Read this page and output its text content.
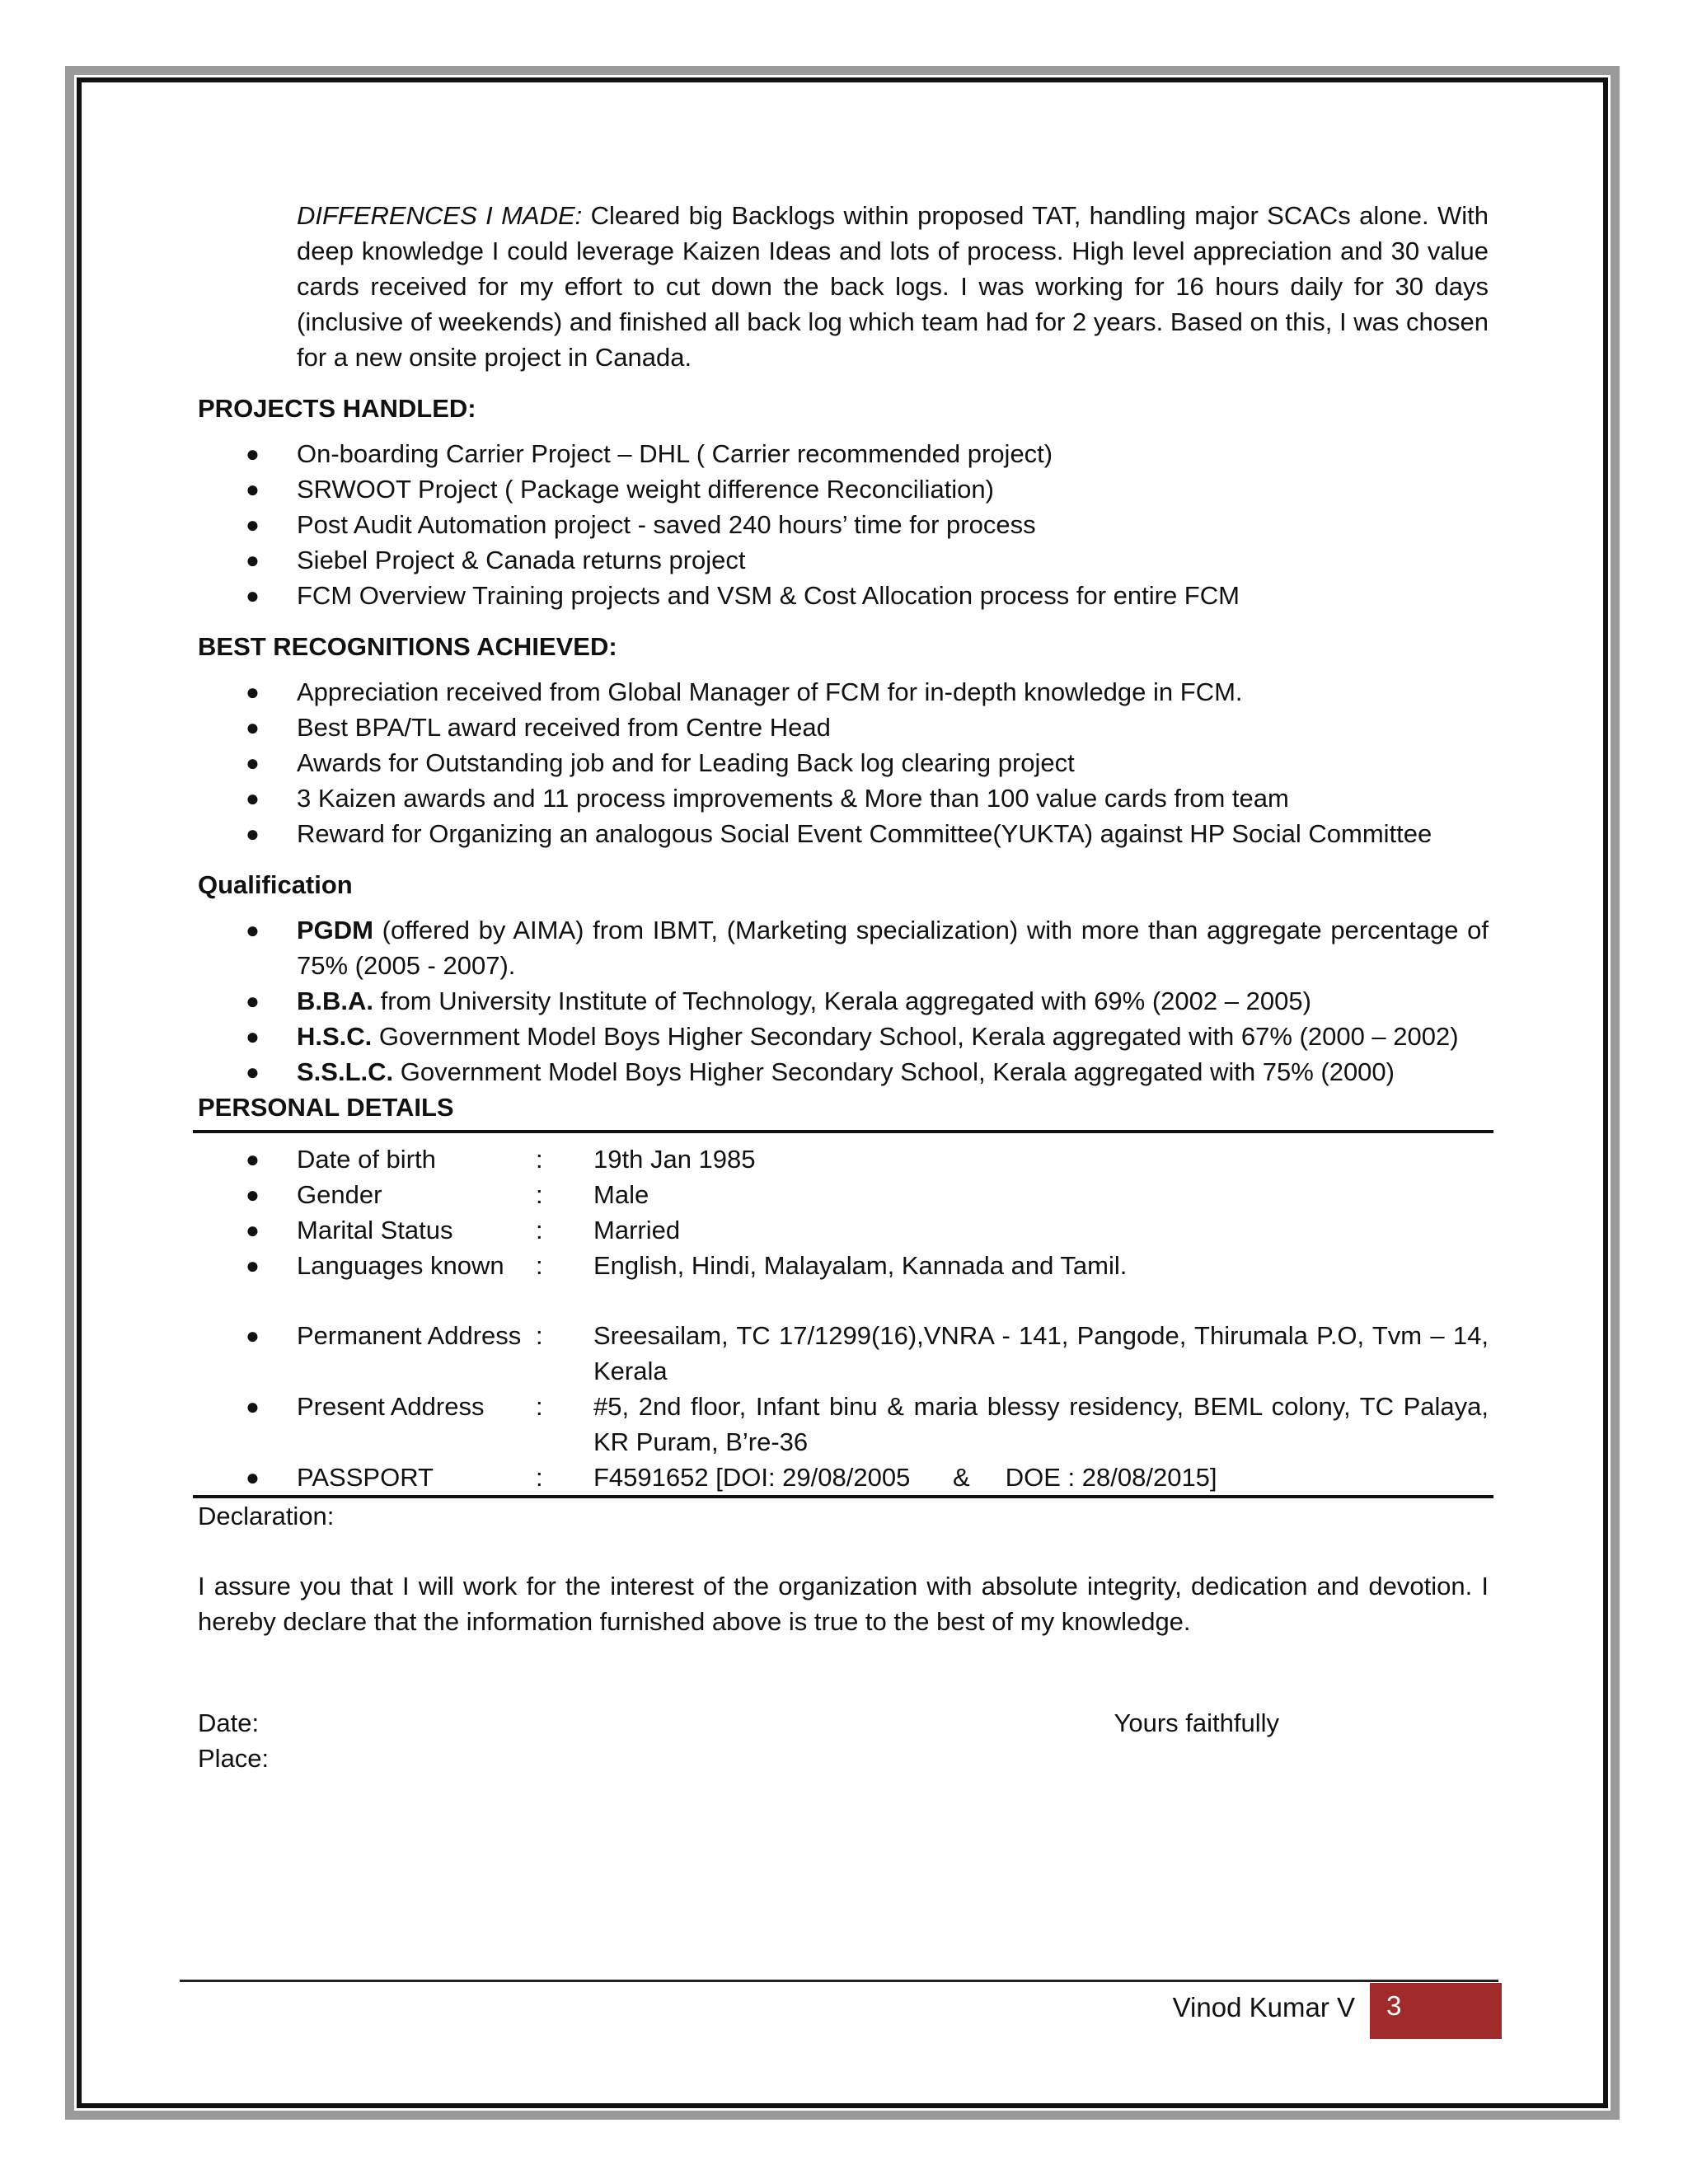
DIFFERENCES I MADE: Cleared big Backlogs within proposed TAT, handling major SCACs alone. With deep knowledge I could leverage Kaizen Ideas and lots of process. High level appreciation and 30 value cards received for my effort to cut down the back logs. I was working for 16 hours daily for 30 days (inclusive of weekends) and finished all back log which team had for 2 years. Based on this, I was chosen for a new onsite project in Canada.

PROJECTS HANDLED:
● On-boarding Carrier Project – DHL ( Carrier recommended project)
● SRWOOT Project ( Package weight difference Reconciliation)
● Post Audit Automation project - saved 240 hours’ time for process
● Siebel Project & Canada returns project
● FCM Overview Training projects and VSM & Cost Allocation process for entire FCM
BEST RECOGNITIONS ACHIEVED:
● Appreciation received from Global Manager of FCM for in-depth knowledge in FCM.
● Best BPA/TL award received from Centre Head
● Awards for Outstanding job and for Leading Back log clearing project
● 3 Kaizen awards and 11 process improvements & More than 100 value cards from team
● Reward for Organizing an analogous Social Event Committee(YUKTA) against HP Social Committee
Qualification
● PGDM (offered by AIMA) from IBMT, (Marketing specialization) with more than aggregate percentage of 75% (2005 - 2007).
● B.B.A. from University Institute of Technology, Kerala aggregated with 69% (2002 – 2005)
● H.S.C. Government Model Boys Higher Secondary School, Kerala aggregated with 67% (2000 – 2002)
● S.S.L.C. Government Model Boys Higher Secondary School, Kerala aggregated with 75% (2000)
PERSONAL DETAILS
● Date of birth	:	19th Jan 1985
● Gender	:	Male
● Marital Status	:	Married
● Languages known	:	English, Hindi, Malayalam, Kannada and Tamil.
● Permanent Address :	Sreesailam, TC 17/1299(16),VNRA - 141, Pangode, Thirumala P.O, Tvm – 14, Kerala
● Present Address	:	#5, 2nd floor, Infant binu & maria blessy residency, BEML colony, TC Palaya, KR Puram, B’re-36
● PASSPORT	:	F4591652 [DOI: 29/08/2005      &     DOE : 28/08/2015]

Declaration:

I assure you that I will work for the interest of the organization with absolute integrity, dedication and devotion. I hereby declare that the information furnished above is true to the best of my knowledge.

Date:	Yours faithfully

Place:

Vinod Kumar V	3
